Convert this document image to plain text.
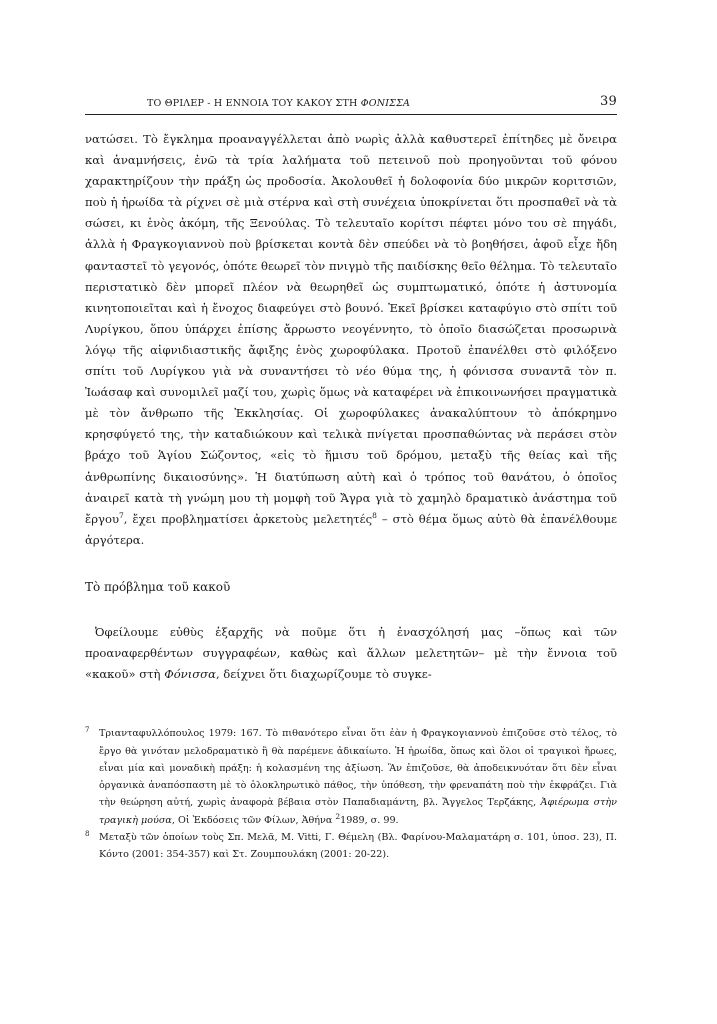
ΤΟ ΘΡΙΛΕΡ - Η ΕΝΝΟΙΑ ΤΟΥ ΚΑΚΟΥ ΣΤΗ ΦΟΝΙΣΣΑ	39

νατώσει. Τὸ ἔγκλημα προαναγγέλλεται ἀπὸ νωρὶς ἀλλὰ καθυστερεῖ ἐπίτηδες μὲ ὄνειρα καὶ ἀναμνήσεις, ἐνῶ τὰ τρία λαλήματα τοῦ πετεινοῦ ποὺ προηγοῦνται τοῦ φόνου χαρακτηρίζουν τὴν πράξη ὡς προδοσία. Ἀκολουθεῖ ἡ δολοφονία δύο μικρῶν κοριτσιῶν, ποὺ ἡ ἡρωίδα τὰ ρίχνει σὲ μιὰ στέρνα καὶ στὴ συνέχεια ὑποκρίνεται ὅτι προσπαθεῖ νὰ τὰ σώσει, κι ἑνὸς ἀκόμη, τῆς Ξενούλας. Τὸ τελευταῖο κορίτσι πέφτει μόνο του σὲ πηγάδι, ἀλλὰ ἡ Φραγκογιαννοὺ ποὺ βρίσκεται κοντὰ δὲν σπεύδει νὰ τὸ βοηθήσει, ἀφοῦ εἶχε ἤδη φανταστεῖ τὸ γεγονός, ὁπότε θεωρεῖ τὸν πνιγμὸ τῆς παιδίσκης θεῖο θέλημα. Τὸ τελευταῖο περιστατικὸ δὲν μπορεῖ πλέον νὰ θεωρηθεῖ ὡς συμπτωματικό, ὁπότε ἡ ἀστυνομία κινητοποιεῖται καὶ ἡ ἔνοχος διαφεύγει στὸ βουνό. Ἐκεῖ βρίσκει καταφύγιο στὸ σπίτι τοῦ Λυρίγκου, ὅπου ὑπάρχει ἐπίσης ἄρρωστο νεογέννητο, τὸ ὁποῖο διασώζεται προσωρινὰ λόγῳ τῆς αἰφνιδιαστικῆς ἄφιξης ἑνὸς χωροφύλακα. Προτοῦ ἐπανέλθει στὸ φιλόξενο σπίτι τοῦ Λυρίγκου γιὰ νὰ συναντήσει τὸ νέο θύμα της, ἡ φόνισσα συναντᾶ τὸν π. Ἰωάσαφ καὶ συνομιλεῖ μαζί του, χωρὶς ὅμως νὰ καταφέρει νὰ ἐπικοινωνήσει πραγματικὰ μὲ τὸν ἄνθρωπο τῆς Ἐκκλησίας. Οἱ χωροφύλακες ἀνακαλύπτουν τὸ ἀπόκρημνο κρησφύγετό της, τὴν καταδιώκουν καὶ τελικὰ πνίγεται προσπαθώντας νὰ περάσει στὸν βράχο τοῦ Ἁγίου Σώζοντος, «εἰς τὸ ἥμισυ τοῦ δρόμου, μεταξὺ τῆς θείας καὶ τῆς ἀνθρωπίνης δικαιοσύνης». Ἡ διατύπωση αὐτὴ καὶ ὁ τρόπος τοῦ θανάτου, ὁ ὁποῖος ἀναιρεῖ κατὰ τὴ γνώμη μου τὴ μομφὴ τοῦ Ἄγρα γιὰ τὸ χαμηλὸ δραματικὸ ἀνάστημα τοῦ ἔργου$^7$, ἔχει προβληματίσει ἀρκετοὺς μελετητές$^8$ – στὸ θέμα ὅμως αὐτὸ θὰ ἐπανέλθουμε ἀργότερα.

Τὸ πρόβλημα τοῦ κακοῦ

Ὀφείλουμε εὐθὺς ἐξαρχῆς νὰ ποῦμε ὅτι ἡ ἐνασχόλησή μας –ὅπως καὶ τῶν προαναφερθέντων συγγραφέων, καθὼς καὶ ἄλλων μελετητῶν– μὲ τὴν ἔννοια τοῦ «κακοῦ» στὴ Φόνισσα, δείχνει ὅτι διαχωρίζουμε τὸ συγκε-

7 Τριανταφυλλόπουλος 1979: 167. Τὸ πιθανότερο εἶναι ὅτι ἐὰν ἡ Φραγκογιαννοὺ ἐπιζοῦσε στὸ τέλος, τὸ ἔργο θὰ γινόταν μελοδραματικὸ ἢ θὰ παρέμενε ἀδικαίωτο. Ἡ ἡρωίδα, ὅπως καὶ ὅλοι οἱ τραγικοὶ ἥρωες, εἶναι μία καὶ μοναδικὴ πράξη: ἡ κολασμένη της ἀξίωση. Ἂν ἐπιζοῦσε, θὰ ἀποδεικνυόταν ὅτι δὲν εἶναι ὀργανικὰ ἀναπόσπαστη μὲ τὸ ὁλοκληρωτικὸ πάθος, τὴν ὑπόθεση, τὴν φρεναπάτη ποὺ τὴν ἐκφράζει. Γιὰ τὴν θεώρηση αὐτή, χωρὶς ἀναφορὰ βέβαια στὸν Παπαδιαμάντη, βλ. Ἄγγελος Τερζάκης, Ἀφιέρωμα στὴν τραγικὴ μούσα, Οἱ Ἐκδόσεις τῶν Φίλων, Ἀθήνα $^2$1989, σ. 99.

8 Μεταξὺ τῶν ὁποίων τοὺς Σπ. Μελᾶ, M. Vitti, Γ. Θέμελη (Βλ. Φαρίνου-Μαλαματάρη σ. 101, ὑποσ. 23), Π. Κόντο (2001: 354-357) καὶ Στ. Ζουμπουλάκη (2001: 20-22).
